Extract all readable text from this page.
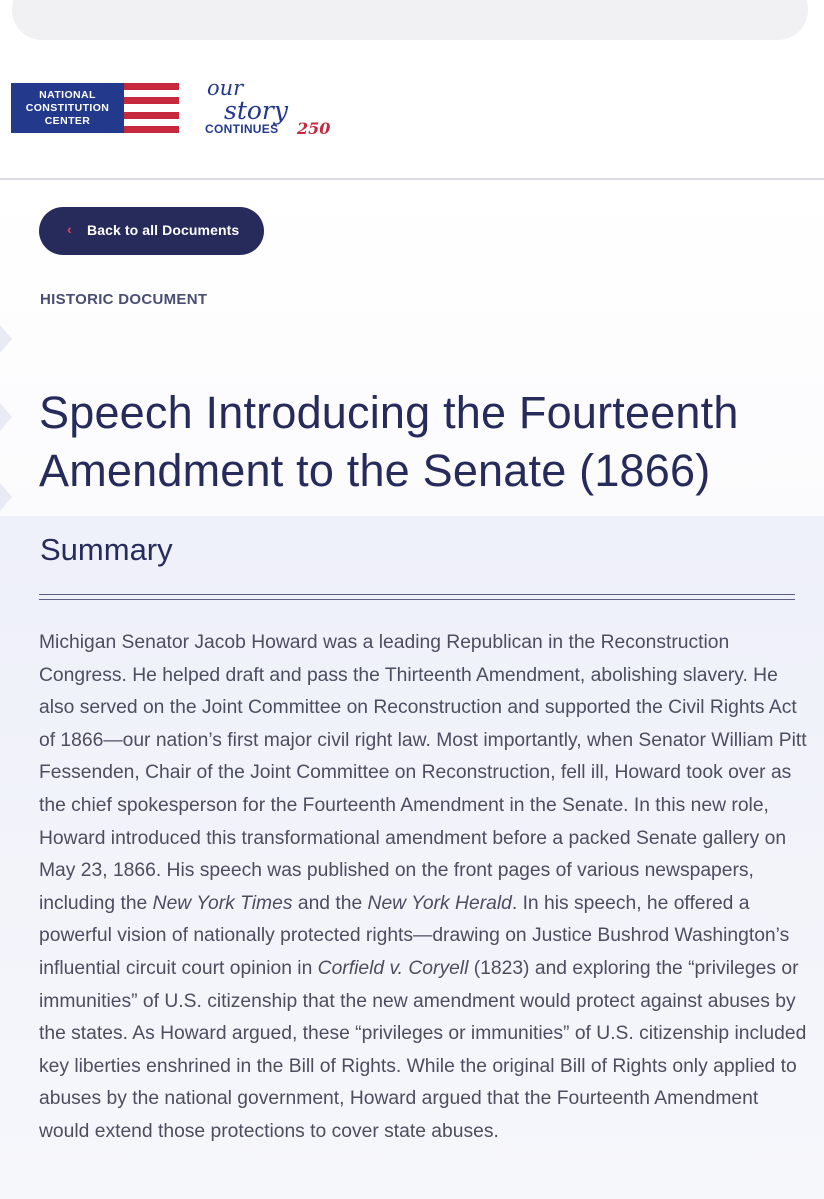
NATIONAL
CONSTITUTION
CENTER
our
story
CONTINUES 250
‹ Back to all Documents
HISTORIC DOCUMENT
Speech Introducing the Fourteenth Amendment to the Senate (1866)
Summary

Michigan Senator Jacob Howard was a leading Republican in the Reconstruction Congress. He helped draft and pass the Thirteenth Amendment, abolishing slavery. He also served on the Joint Committee on Reconstruction and supported the Civil Rights Act of 1866—our nation’s first major civil right law. Most importantly, when Senator William Pitt Fessenden, Chair of the Joint Committee on Reconstruction, fell ill, Howard took over as the chief spokesperson for the Fourteenth Amendment in the Senate. In this new role, Howard introduced this transformational amendment before a packed Senate gallery on May 23, 1866. His speech was published on the front pages of various newspapers, including the New York Times and the New York Herald. In his speech, he offered a powerful vision of nationally protected rights—drawing on Justice Bushrod Washington’s influential circuit court opinion in Corfield v. Coryell (1823) and exploring the “privileges or immunities” of U.S. citizenship that the new amendment would protect against abuses by the states. As Howard argued, these “privileges or immunities” of U.S. citizenship included key liberties enshrined in the Bill of Rights. While the original Bill of Rights only applied to abuses by the national government, Howard argued that the Fourteenth Amendment would extend those protections to cover state abuses.
